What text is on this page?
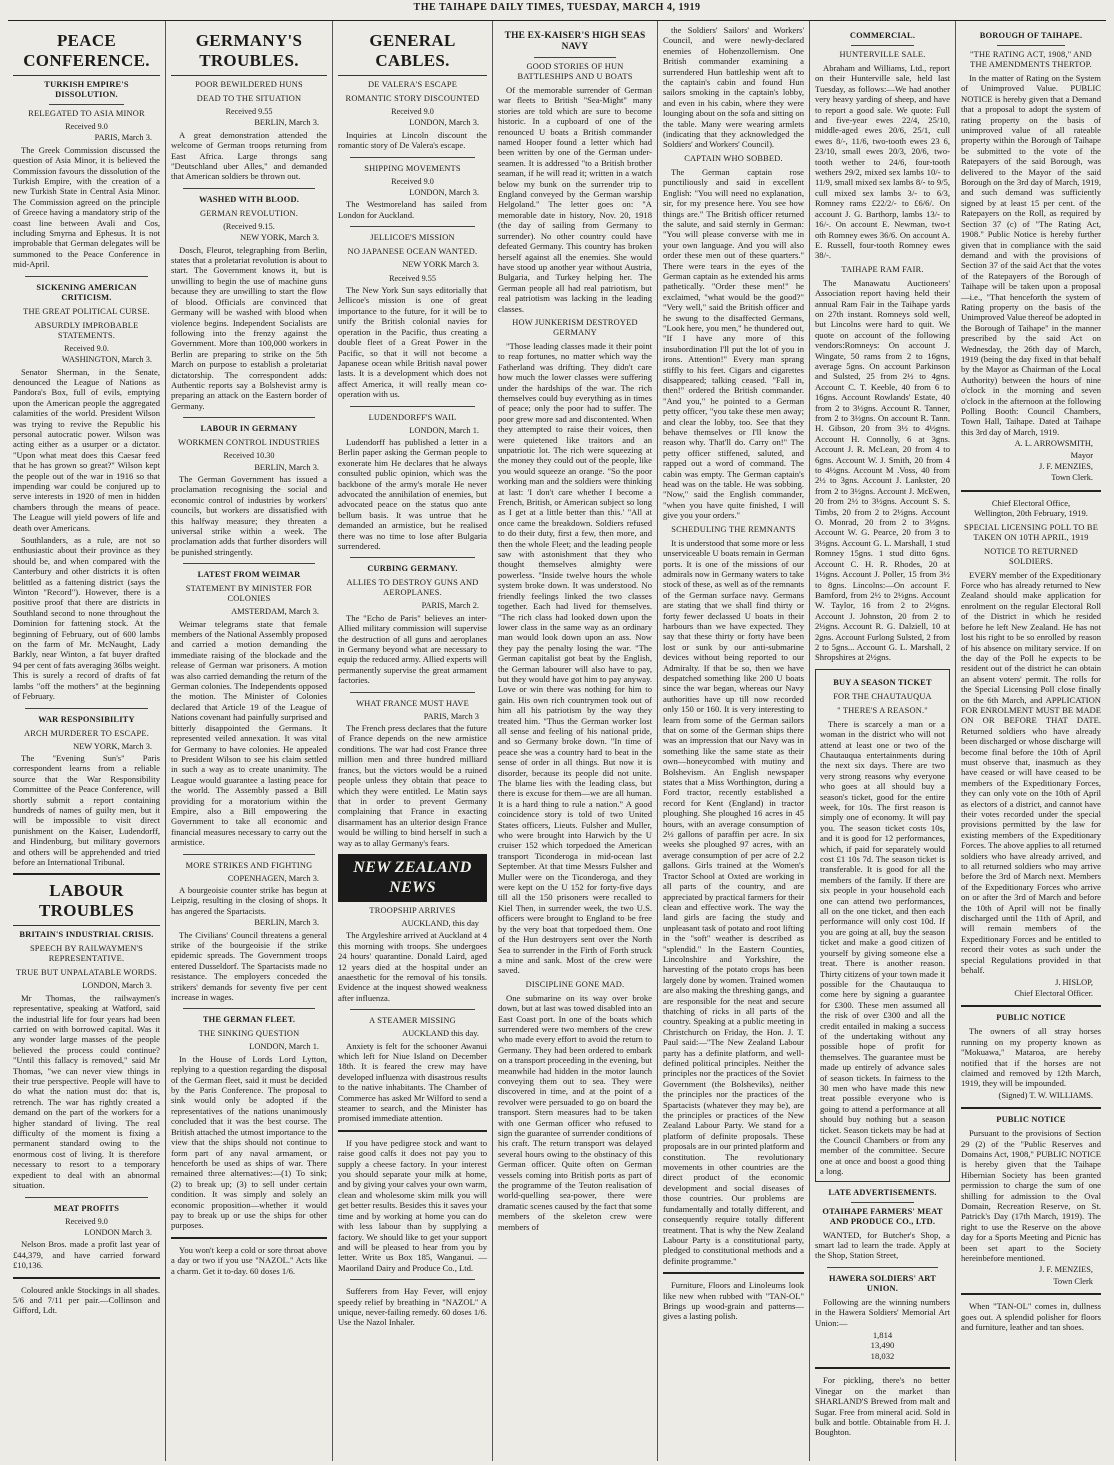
THE TAIHAPE DAILY TIMES, TUESDAY, MARCH 4, 1919
PEACE CONFERENCE.
TURKISH EMPIRE'S DISSOLUTION.
RELEGATED TO ASIA MINOR
Received 9.0
PARIS, March 3.

The Greek Commission discussed the question of Asia Minor, it is believed the Commission favours the dissolution of the Turkish Empire, with the creation of a new Turkish State in Central Asia Minor. The Commission agreed on the principle of Greece having a mandatory strip of the coast line between Avali and Cos, including Smyrna and Ephesus. It is not improbable that German delegates will be summoned to the Peace Conference in mid-April.

SICKENING AMERICAN CRITICISM.
THE GREAT POLITICAL CURSE.
ABSURDLY IMPROBABLE STATEMENTS.
Received 9.0.
WASHINGTON, March 3.

Senator Sherman, in the Senate, denounced the League of Nations as Pandora's Box, full of evils, emptying upon the American people the aggregated calamities of the world. President Wilson was trying to revive the Republic his personal autocratic power. Wilson was acting either as a usurper or a dictator. "Upon what meat does this Caesar feed that he has grown so great?" Wilson kept the people out of the war in 1916 so that impending war could be conjured up to serve interests in 1920 of men in hidden chambers through the means of peace. The League will yield powers of life and death over Americans.

Southlanders, as a rule, are not so enthusiastic about their province as they should be, and when compared with the Canterbury and other districts it is often belittled as a fattening district (says the Winton "Record"). However, there is a positive proof that there are districts in Southland second to none throughout the Dominion for fattening stock. At the beginning of February, out of 600 lambs on the farm of Mr. McNaught, Lady Barkly, near Winton, a fat buyer drafted 94 per cent of fats averaging 36lbs weight. This is surely a record of drafts of fat lambs "off the mothers" at the beginning of February.

WAR RESPONSIBILITY
ARCH MURDERER TO ESCAPE.
NEW YORK, March 3.

The "Evening Sun's" Paris correspondent learns from a reliable source that the War Responsibility Committee of the Peace Conference, will shortly submit a report containing hundreds of names of guilty men, but it will be impossible to visit direct punishment on the Kaiser, Ludendorff, and Hindenburg, but military governors and others will be apprehended and tried before an International Tribunal.

LABOUR TROUBLES
BRITAIN'S INDUSTRIAL CRISIS.
SPEECH BY RAILWAYMEN'S REPRESENTATIVE.
TRUE BUT UNPALATABLE WORDS.
LONDON, March 3.

Mr Thomas, the railwaymen's representative, speaking at Watford, said the industrial life for four years had been carried on with borrowed capital. Was it any wonder large masses of the people believed the process could continue? "Until this fallacy is removed," said Mr Thomas, "we can never view things in their true perspective. People will have to do what the nation must do: that is, retrench. The war has rightly created a demand on the part of the workers for a higher standard of living. The real difficulty of the moment is fixing a permanent standard owing to the enormous cost of living. It is therefore necessary to resort to a temporary expedient to deal with an abnormal situation.

MEAT PROFITS
Received 9.0
LONDON March 3.

Nelson Bros. made a profit last year of £44,379, and have carried forward £10,136.

Coloured ankle Stockings in all shades. 5/6 and 7/11 per pair.—Collinson and Gifford, Ldt.

GERMANY'S TROUBLES.
POOR BEWILDERED HUNS
DEAD TO THE SITUATION
Received 9.55
BERLIN, March 3.

A great demonstration attended the welcome of German troops returning from East Africa. Large throngs sang "Deutschland uber Alles," and demanded that American soldiers be thrown out.

WASHED WITH BLOOD.
GERMAN REVOLUTION.
(Received 9.15.
NEW YORK, March 3.

Dosch, Fleurot, telegraphing from Berlin, states that a proletariat revolution is about to start. The Government knows it, but is unwilling to begin the use of machine guns because they are unwilling to start the flow of blood. Officials are convinced that Germany will be washed with blood when violence begins. Independent Socialists are following into the frenzy against the Government. More than 100,000 workers in Berlin are preparing to strike on the 5th March on purpose to establish a proletariat dictatorship. The correspondent adds: Authentic reports say a Bolshevist army is preparing an attack on the Eastern border of Germany.

LABOUR IN GERMANY
WORKMEN CONTROL INDUSTRIES
Received 10.30
BERLIN, March 3.

The German Government has issued a proclamation recognising the social and economic control of industries by workers' councils, but workers are dissatisfied with this halfway measure; they threaten a universal strike within a week. The proclamation adds that further disorders will be punished stringently.

LATEST FROM WEIMAR
STATEMENT BY MINISTER FOR COLONIES
AMSTERDAM, March 3.

Weimar telegrams state that female members of the National Assembly proposed and carried a motion demanding the immediate raising of the blockade and the release of German war prisoners. A motion was also carried demanding the return of the German colonies. The Independents opposed the motion. The Minister of Colonies declared that Article 19 of the League of Nations covenant had painfully surprised and bitterly disappointed the Germans. It represented veiled annexation. It was vital for Germany to have colonies. He appealed to President Wilson to see his claim settled in such a way as to create unanimity. The League would guarantee a lasting peace for the world. The Assembly passed a Bill providing for a moratorium within the Empire, also a Bill empowering the Government to take all economic and financial measures necessary to carry out the armistice.

MORE STRIKES AND FIGHTING
COPENHAGEN, March 3.

A bourgeoisie counter strike has begun at Leipzig, resulting in the closing of shops. It has angered the Spartacists.

BERLIN, March 3.

The Civilians' Council threatens a general strike of the bourgeoisie if the strike epidemic spreads. The Government troops entered Dusseldorf. The Spartacists made no resistance. The employers conceded the strikers' demands for seventy five per cent increase in wages.

THE GERMAN FLEET.
THE SINKING QUESTION
LONDON, March 1.

In the House of Lords Lord Lytton, replying to a question regarding the disposal of the German fleet, said it must be decided by the Paris Conference. The proposal to sink would only be adopted if the representatives of the nations unanimously concluded that it was the best course. The British attached the utmost importance to the view that the ships should not continue to form part of any naval armament, or henceforth be used as ships of war. There remained three alternatives:—(1) To sink; (2) to break up; (3) to sell under certain condition. It was simply and solely an economic proposition—whether it would pay to break up or use the ships for other purposes.

You won't keep a cold or sore throat above a day or two if you use "NAZOL." Acts like a charm. Get it to-day. 60 doses 1/6.

GENERAL CABLES.
DE VALERA'S ESCAPE
ROMANTIC STORY DISCOUNTED
Received 9.0
LONDON, March 3.

Inquiries at Lincoln discount the romantic story of De Valera's escape.

SHIPPING MOVEMENTS
Received 9.0
LONDON, March 3.

The Westmoreland has sailed from London for Auckland.

JELLICOE'S MISSION
NO JAPANESE OCEAN WANTED.
NEW YORK March 3.
Received 9.55

The New York Sun says editorially that Jellicoe's mission is one of great importance to the future, for it will be to unify the British colonial navies for operation in the Pacific, thus creating a double fleet of a Great Power in the Pacific, so that it will not become a Japanese ocean while British naval power lasts. It is a development which does not affect America, it will really mean co-operation with us.

LUDENDORFF'S WAIL
LONDON, March 1.

Ludendorff has published a letter in a Berlin paper asking the German people to exonerate him He declares that he always consulted public opinion, which was the backbone of the army's morale He never advocated the annihilation of enemies, but advocated peace on the status quo ante bellum basis. It was untrue that he demanded an armistice, but he realised there was no time to lose after Bulgaria surrendered.

CURBING GERMANY.
ALLIES TO DESTROY GUNS AND AEROPLANES.
PARIS, March 2.

The "Echo de Paris" believes an inter-Allied military commission will supervise the destruction of all guns and aeroplanes in Germany beyond what are necessary to equip the reduced army. Allied experts will permanently supervise the great armament factories.

WHAT FRANCE MUST HAVE
PARIS, March 3

The French press declares that the future of France depends on the new armistice conditions. The war had cost France three million men and three hundred milliard francs, but the victors would be a ruined people unless they obtain that peace to which they were entitled. Le Matin says that in order to prevent Germany complaining that France in exacting disarmament has an ulterior design France would be willing to bind herself in such a way as to allay Germany's fears.

NEW ZEALAND NEWS
TROOPSHIP ARRIVES
AUCKLAND, this day

The Argyleshire arrived at Auckland at 4 this morning with troops. She undergoes 24 hours' quarantine. Donald Laird, aged 12 years died at the hospital under an anaesthetic for the removal of his tonsils. Evidence at the inquest showed weakness after influenza.

A STEAMER MISSING
AUCKLAND this day.

Anxiety is felt for the schooner Awanui which left for Niue Island on December 18th. It is feared the crew may have developed influenza with disastrous results to the native inhabitants. The Chamber of Commerce has asked Mr Wilford to send a steamer to search, and the Minister has promised immediate attention.

If you have pedigree stock and want to raise good calfs it does not pay you to supply a cheese factory. In your interest you should separate your milk at home, and by giving your calves your own warm, clean and wholesome skim milk you will get better results. Besides this it saves your time and by working at home you can do with less labour than by supplying a factory. We should like to get your support and will be pleased to hear from you by letter. Write us Box 185, Wanganui. —Maoriland Dairy and Produce Co., Ltd.

Sufferers from Hay Fever, will enjoy speedy relief by breathing in "NAZOL" A unique, never-failing remedy. 60 doses 1/6. Use the Nazol Inhaler.

THE EX-KAISER'S HIGH SEAS NAVY
GOOD STORIES OF HUN BATTLESHIPS AND U BOATS

Of the memorable surrender of German war fleets to British "Sea-Might" many stories are told which are sure to become historic. In a cupboard of one of the renounced U boats a British commander named Hooper found a letter which had been written by one of the German under-seamen. It is addressed "to a British brother seaman, if he will read it; written in a watch below my bunk on the surrender trip to England conveyed by the German warship Helgoland." The letter goes on: "A memorable date in history, Nov. 20, 1918 (the day of sailing from Germany to surrender). No other country could have defeated Germany. This country has broken herself against all the enemies. She would have stood up another year without Austria, Bulgaria, and Turkey helping her. The German people all had real patriotism, but real patriotism was lacking in the leading classes.

HOW JUNKERISM DESTROYED GERMANY

"Those leading classes made it their point to reap fortunes, no matter which way the Fatherland was drifting. They didn't care how much the lower classes were suffering under the hardships of the war. The rich themselves could buy everything as in times of peace; only the poor had to suffer. The poor grew more sad and discontented. When they attempted to raise their voices, then were quietened like traitors and an unpatriotic lot. The rich were squeezing at the money they could out of the people, like you would squeeze an orange. "So the poor working man and the soldiers were thinking at last: 'I don't care whether I become a French, British, or American subject so long as I get at a little better than this.' "All at once came the breakdown. Soldiers refused to do their duty, first a few, then more, and then the whole Fleet; and the leading people saw with astonishment that they who thought themselves almighty were powerless. "Inside twelve hours the whole system broke down. It was understood. No friendly feelings linked the two classes together. Each had lived for themselves. "The rich class had looked down upon the lower class in the same way as an ordinary man would look down upon an ass. Now they pay the penalty losing the war. "The German capitalist got beat by the English, the German labourer will also have to pay, but they would have got him to pay anyway. Love or win there was nothing for him to gain. His own rich countrymen took out of him all his patriotism by the way they treated him. "Thus the German worker lost all sense and feeling of his national pride, and so Germany broke down. "In time of peace she was a country hard to beat in the sense of order in all things. But now it is disorder, because its people did not unite. The blame lies with the leading class, but there is excuse for them—we are all human. It is a hard thing to rule a nation." A good coincidence story is told of two United States officers, Lieuts. Fulsher and Muller, who were brought into Harwich by the U cruiser 152 which torpedoed the American transport Ticonderoga in mid-ocean last September. At that time Messrs Fulsher and Muller were on the Ticonderoga, and they were kept on the U 152 for forty-five days till all the 150 prisoners were recalled to Kiel Then, in surrender week, the two U.S. officers were brought to England to be free by the very boat that torpedoed them. One of the Hun destroyers sent over the North Sea to surrender in the Firth of Forth struck a mine and sank. Most of the crew were saved.

DISCIPLINE GONE MAD.

One submarine on its way over broke down, but at last was towed disabled into an East Coast port. In one of the boats which surrendered were two members of the crew who made every effort to avoid the return to Germany. They had been ordered to embark on a transport proceeding in the evening, but meanwhile had hidden in the motor launch conveying them out to sea. They were discovered in time, and at the point of a revolver were persuaded to go on board the transport. Stern measures had to be taken with one German officer who refused to sign the guarantee of surrender conditions of his craft. The return transport was delayed several hours owing to the obstinacy of this German officer. Quite often on German vessels coming into British ports as part of the programme of the Teuton realisation of world-quelling sea-power, there were dramatic scenes caused by the fact that some members of the skeleton crew were members of

the Soldiers' Sailors' and Workers' Council, and were newly-declared enemies of Hohenzollernism. One British commander examining a surrendered Hun battleship went aft to the captain's cabin and found Hun sailors smoking in the captain's lobby, and even in his cabin, where they were lounging about on the sofa and sitting on the table. Many were wearing armlets (indicating that they acknowledged the Soldiers' and Workers' Council).

CAPTAIN WHO SOBBED.

The German captain rose punctiliously and said in excellent English: "You will need no explanation, sir, for my presence here. You see how things are." The British officer returned the salute, and said sternly in German: "You will please converse with me in your own language. And you will also order these men out of these quarters." There were tears in the eyes of the German captain as he extended his arms pathetically. "Order these men!" he exclaimed, "what would be the good?" "Very well," said the British officer and he swung to the disaffected Germans, "Look here, you men," he thundered out, "If I have any more of this insubordination I'll put the lot of you in irons. Attention!" Every man sprang stiffly to his feet. Cigars and cigarettes disappeared; talking ceased. "Fall in, then!" ordered the British commander. "And you," he pointed to a German petty officer, "you take these men away; and clear the lobby, too. See that they behave themselves or I'll know the reason why. That'll do. Carry on!" The petty officer stiffened, saluted, and rapped out a word of command. The cabin was empty. The German captain's head was on the table. He was sobbing. "Now," said the English commander, "when you have quite finished, I will give you your orders."

SCHEDULING THE REMNANTS

It is understood that some more or less unserviceable U boats remain in German ports. It is one of the missions of our admirals now in Germany waters to take stock of these, as well as of the remnants of the German surface navy. Germans are stating that we shall find thirty or forty fewer declassed U boats in their harbours than we have expected. They say that these thirty or forty have been lost or sunk by our anti-submarine devices without being reported to our Admiralty. If that be so, then we have despatched something like 200 U boats since the war began, whereas our Navy authorities have up till now recorded only 150 or 160. It is very interesting to learn from some of the German sailors that on some of the German ships there was an impression that our Navy was in something like the same state as their own—honeycombed with mutiny and Bolshevism. An English newspaper states that a Miss Worthington, during a Ford tractor, recently established a record for Kent (England) in tractor ploughing. She ploughed 16 acres in 45 hours, with an average consumption of 2½ gallons of paraffin per acre. In six weeks she ploughed 97 acres, with an average consumption of per acre of 2.2 gallons. Girls trained at the Women's Tractor School at Oxted are working in all parts of the country, and are appreciated by practical farmers for their clean and effective work. The way the land girls are facing the study and unpleasant task of potato and root lifting in the "soft" weather is described as "splendid." In the Eastern Counties, Lincolnshire and Yorkshire, the harvesting of the potato crops has been largely done by women. Trained women are also making the threshing gangs, and are responsible for the neat and secure thatching of ricks in all parts of the country. Speaking at a public meeting in Christchurch on Friday, the Hon. J. T. Paul said:—"The New Zealand Labour party has a definite platform, and well-defined political principles. Neither the principles nor the practices of the Soviet Government (the Bolsheviks), neither the principles nor the practices of the Spartacists (whatever they may be), are the principles or practices of the New Zealand Labour Party. We stand for a platform of definite proposals. These proposals are in our printed platform and constitution. The revolutionary movements in other countries are the direct product of the economic development and social diseases of those countries. Our problems are fundamentally and totally different, and consequently require totally different treatment. That is why the New Zealand Labour Party is a constitutional party, pledged to constitutional methods and a definite programme."

Furniture, Floors and Linoleums look like new when rubbed with "TAN-OL" Brings up wood-grain and patterns—gives a lasting polish.

COMMERCIAL.
HUNTERVILLE SALE.

Abraham and Williams, Ltd., report on their Hunterville sale, held last Tuesday, as follows:—We had another very heavy yarding of sheep, and have to report a good sale. We quote: Full and five-year ewes 22/4, 25/10, middle-aged ewes 20/6, 25/1, cull ewes 8/-, 11/6, two-tooth ewes 23 6, 23/10, small ewes 20/3, 20/6, two-tooth wether to 24/6, four-tooth wethers 29/2, mixed sex lambs 10/- to 11/9, small mixed sex lambs 8/- to 9/5, cull mixed sex lambs 3/- to 6/3, Romney rams £22/2/- to £6/6/. On account J. G. Barthorp, lambs 13/- to 16/-. On account E. Newman, two-t oth Romney ewes 36/6. On account A. E. Russell, four-tooth Romney ewes 38/-.

TAIHAPE RAM FAIR.

The Manawatu Auctioneers' Association report having held their annual Ram Fair in the Taihape yards on 27th instant. Romneys sold well, but Lincolns were hard to quit. We quote on account of the following vendors:Romneys: On account J. Wingate, 50 rams from 2 to 16gns, average 5gns. On account Parkinson and Sulsted, 25 from 2½ to 4gns. Account C. T. Keeble, 40 from 6 to 16gns. Account Rowlands' Estate, 40 from 2 to 3½gns. Account R. Tanner, from 2 to 3½gns. On account R. Tann. H. Gibson, 20 from 3½ to 4½gns. Account H. Connolly, 6 at 3gns. Account J. R. McLean, 20 from 4 to 6gns. Account W. J. Smith, 20 from 4 to 4½gns. Account M .Voss, 40 from 2½ to 3gns. Account J. Lankster, 20 from 2 to 3½gns. Account J. McEwen, 20 from 2½ to 3½gns. Account S. S. Timbs, 20 from 2 to 2½gns. Account O. Monrad, 20 from 2 to 3½gns. Account W. G. Pearce, 20 from 3 to 3½gns. Account G. L. Marshall, 1 stud Romney 15gns. 1 stud ditto 6gns. Account C. H. R. Rhodes, 20 at 1½gns. Account J. Poller, 15 from 3½ to 8gns. Lincolns:—On account F. Bamford, from 2½ to 2½gns. Account W. Taylor, 16 from 2 to 2½gns. Account J. Johnston, 20 from 2 to 2½gns. Account R. G. Dalziell, 10 at 2gns. Account Furlong Sulsted, 2 from 2 to 5gns... Account G. L. Marshall, 2 Shropshires at 2½gns.

BUY A SEASON TICKET
FOR THE CHAUTAUQUA
" THERE'S A REASON."

There is scarcely a man or a woman in the district who will not attend at least one or two of the Chautauqua entertainments during the next six days. There are two very strong reasons why everyone who goes at all should buy a season's ticket, good for the entire week, for 10s. The first reason is simply one of economy. It will pay you. The season ticket costs 10s, and it is good for 12 performances, which, if paid for separately would cost £1 10s 7d. The season ticket is transferable. It is good for all the members of the family. If there are six people in your household each one can attend two performances, all on the one ticket, and then each performance will only cost 10d. If you are going at all, buy the season ticket and make a good citizen of yourself by giving someone else a treat. There is another reason. Thirty citizens of your town made it possible for the Chautauqua to come here by signing a guarantee for £300. These men assumed all the risk of over £300 and all the credit entailed in making a success of the undertaking without any possible hope of profit for themselves. The guarantee must be made up entirely of advance sales of season tickets. In fairness to the 30 men who have made this new treat possible everyone who is going to attend a performance at all should buy nothing but a season ticket. Season tickets may be had at the Council Chambers or from any member of the committee. Secure one at once and boost a good thing a long.

LATE ADVERTISEMENTS.
OTAIHAPE FARMERS' MEAT AND PRODUCE CO., LTD.

WANTED, for Butcher's Shop, a smart lad to learn the trade. Apply at the Shop, Station Street,

HAWERA SOLDIERS' ART UNION.

Following are the winning numbers in the Hawera Soldiers' Memorial Art Union:—

1,814
13,490
18,032

For pickling, there's no better Vinegar on the market than SHARLAND'S Brewed from malt and Sugar. Free from mineral acid. Sold in bulk and bottle. Obtainable from H. J. Boughton.

BOROUGH OF TAIHAPE.
"THE RATING ACT, 1908," AND THE AMENDMENTS THERTOP.

In the matter of Rating on the System of Unimproved Value. PUBLIC NOTICE is hereby given that a Demand that a proposal to adopt the system of rating property on the basis of unimproved value of all rateable property within the Borough of Taihape be submitted to the vote of the Ratepayers of the said Borough, was delivered to the Mayor of the said Borough on the 3rd day of March, 1919, and such demand was sufficiently signed by at least 15 per cent. of the Ratepayers on the Roll, as required by Section 37 (c) of "The Rating Act, 1908." Public Notice is hereby further given that in compliance with the said demand and with the provisions of Section 37 of the said Act that the votes of the Ratepayers of the Borough of Taihape will be taken upon a proposal —i.e., "That henceforth the system of Rating property on the basis of the Unimproved Value thereof be adopted in the Borough of Taihape" in the manner prescribed by the said Act on Wednesday, the 26th day of March, 1919 (being the day fixed in that behalf by the Mayor as Chairman of the Local Authority) between the hours of nine o'clock in the morning and seven o'clock in the afternoon at the following Polling Booth: Council Chambers, Town Hall, Taihape. Dated at Taihape this 3rd day of March, 1919.

A. L. ARROWSMITH,
Mayor
J. F. MENZIES,
Town Clerk.
Chief Electoral Office,
Wellington, 20th February, 1919.
SPECIAL LICENSING POLL TO BE TAKEN ON 10TH APRIL, 1919
NOTICE TO RETURNED SOLDIERS.

EVERY member of the Expeditionary Force who has already returned to New Zealand should make application for enrolment on the regular Electoral Roll of the District in which he resided before he left New Zealand. He has not lost his right to be so enrolled by reason of his absence on military service. If on the day of the Poll he expects to be resident out of the district he can obtain an absent voters' permit. The rolls for the Special Licensing Poll close finally on the 6th March, and APPLICATION FOR ENROLMENT MUST BE MADE ON OR BEFORE THAT DATE. Returned soldiers who have already been discharged or whose discharge will become final before the 10th of April must observe that, inasmuch as they have ceased or will have ceased to be members of the Expeditionary Forces, they can only vote on the 10th of April as electors of a district, and cannot have their votes recorded under the special provisions permitted by the law for existing members of the Expeditionary Forces. The above applies to all returned soldiers who have already arrived, and to all returned soldiers who may arrive before the 3rd of March next. Members of the Expeditionary Forces who arrive on or after the 3rd of March and before the 10th of April will not be finally discharged until the 11th of April, and will remain members of the Expeditionary Forces and be entitled to record their votes as such under the special Regulations provided in that behalf.

J. HISLOP,
Chief Electoral Officer.
PUBLIC NOTICE

The owners of all stray horses running on my property known as "Mokuawa," Mataroa, are hereby notified that if the horses are not claimed and removed by 12th March, 1919, they will be impounded.

(Signed) T. W. WILLIAMS.
PUBLIC NOTICE

Pursuant to the provisions of Section 29 (2) of the "Public Reserves and Domains Act, 1908," PUBLIC NOTICE is hereby given that the Taihape Hibernian Society has been granted permission to charge the sum of one shilling for admission to the Oval Domain, Recreation Reserve, on St. Patrick's Day (17th March, 1919). The right to use the Reserve on the above day for a Sports Meeting and Picnic has been set apart to the Society hereinbefore mentioned.

J. F. MENZIES,
Town Clerk

When "TAN-OL" comes in, dullness goes out. A splendid polisher for floors and furniture, leather and tan shoes.
